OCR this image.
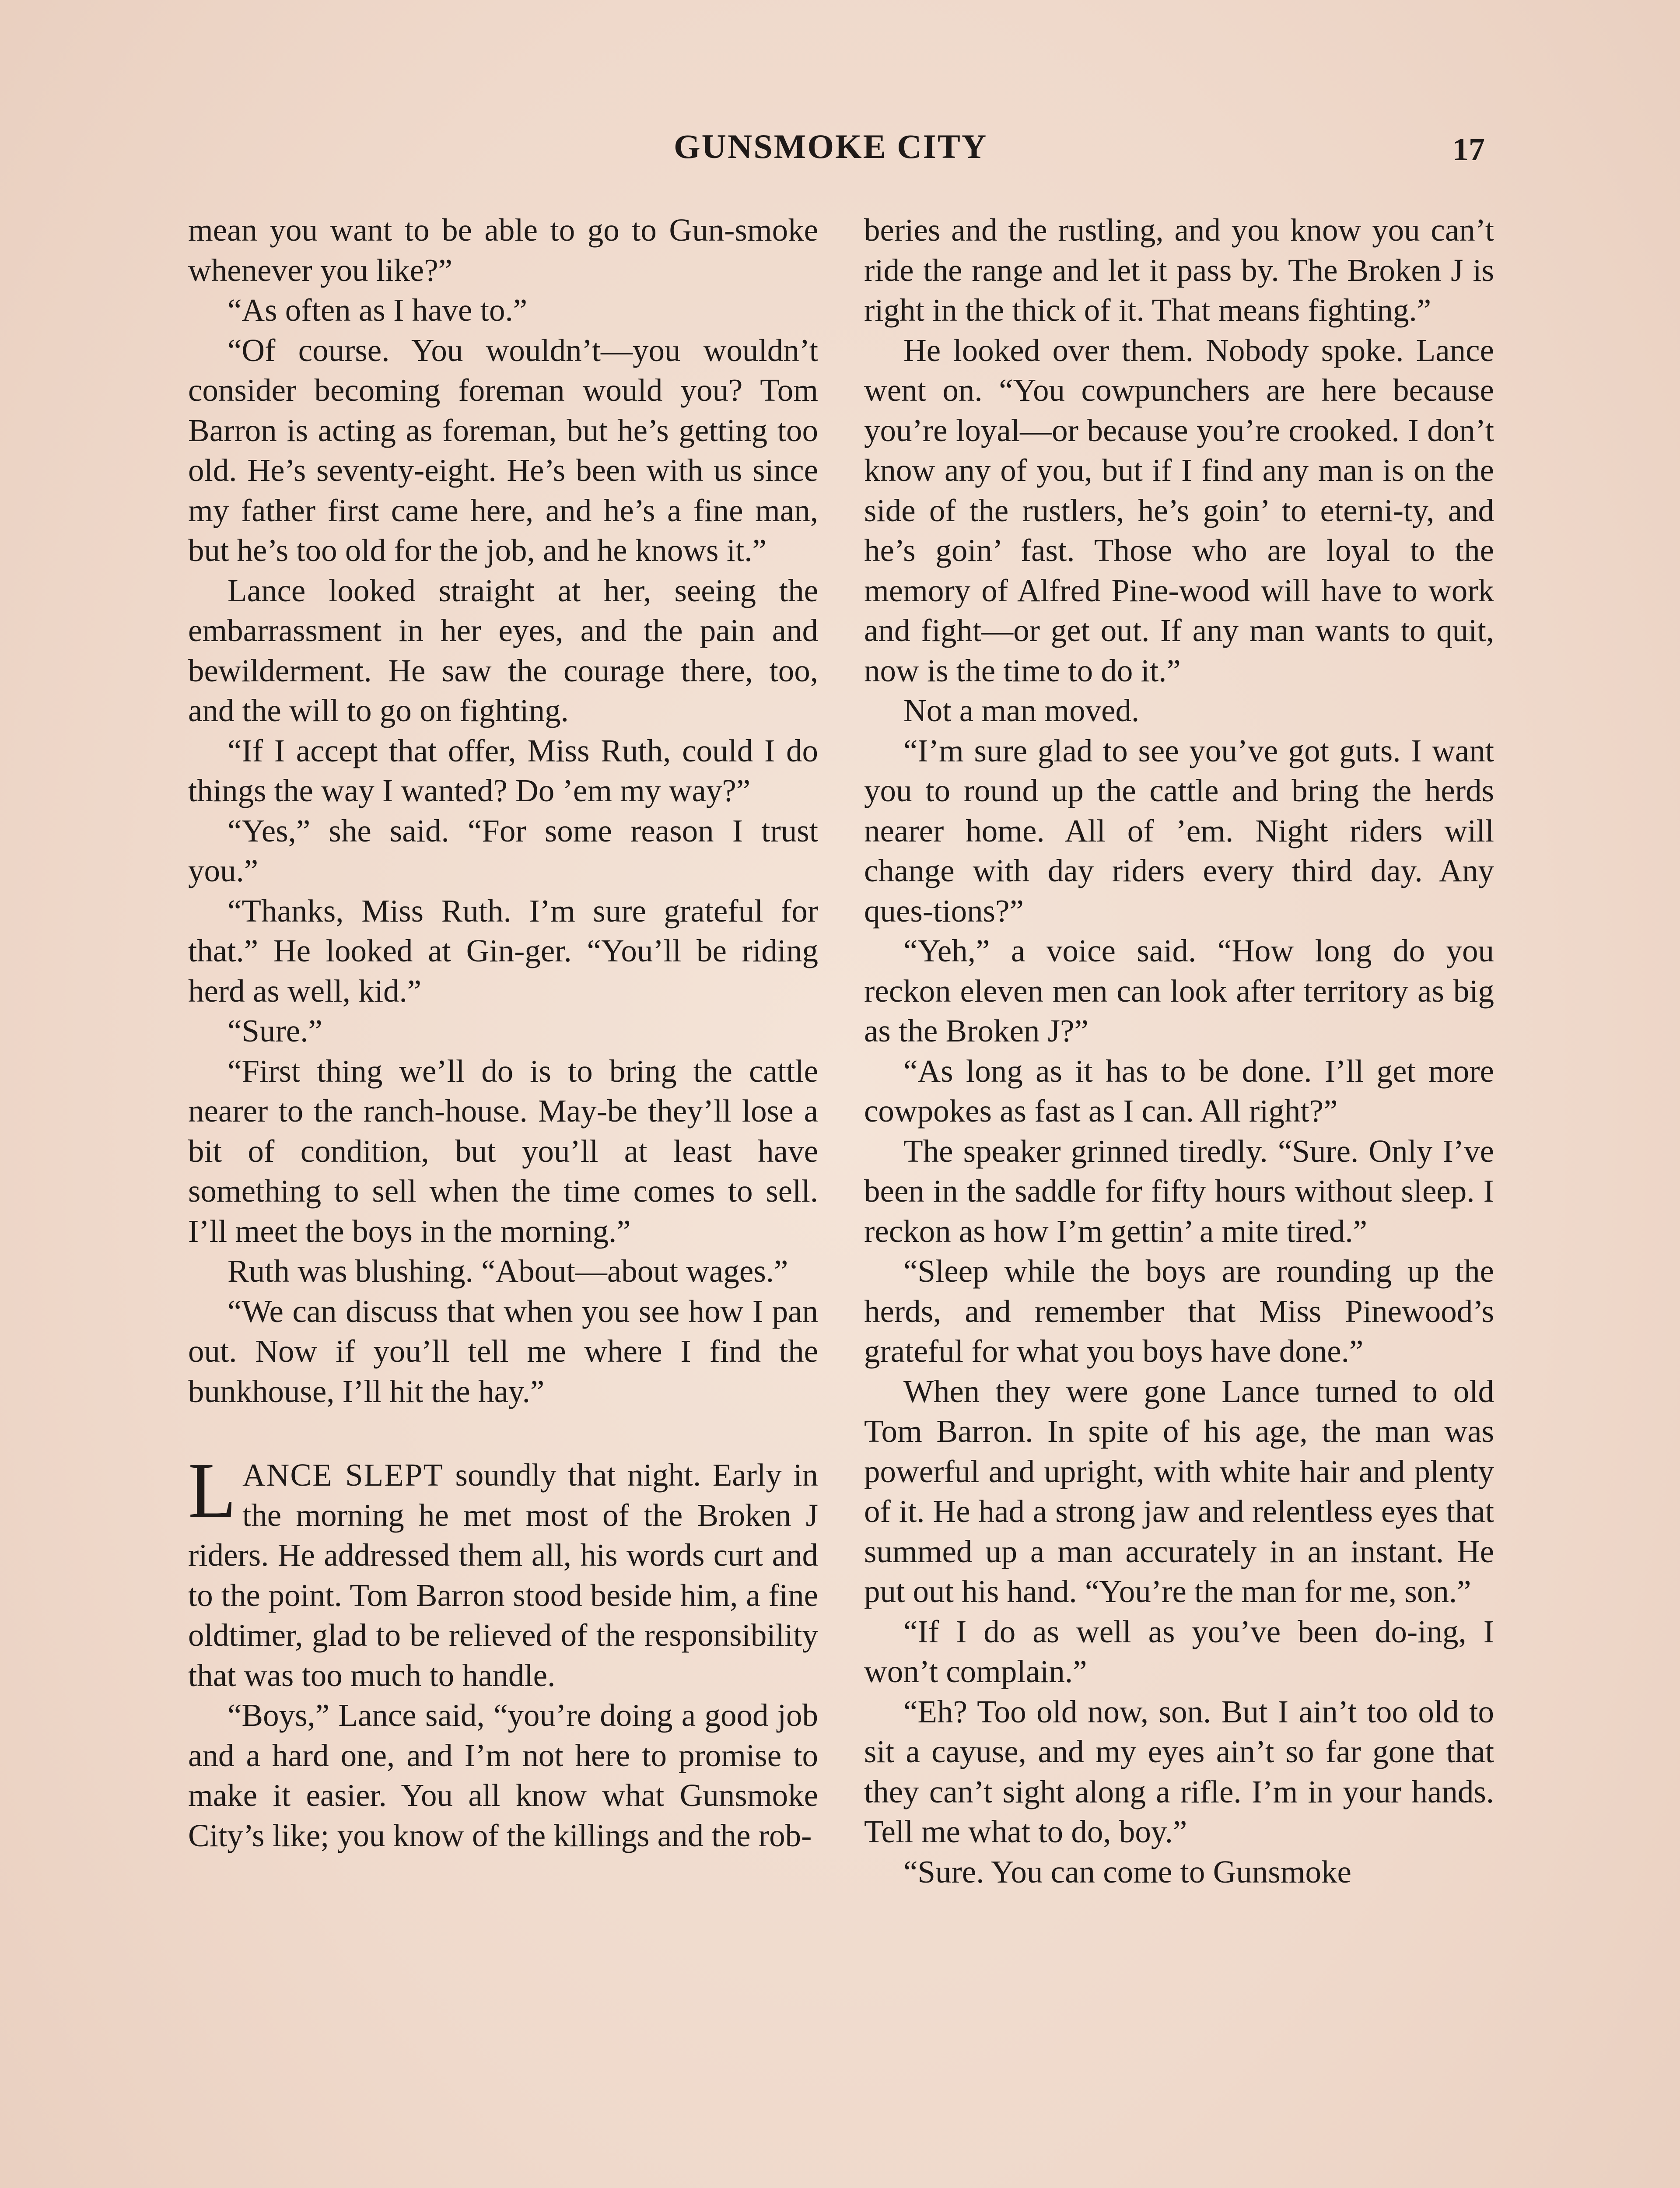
GUNSMOKE CITY	17

mean you want to be able to go to Gun-smoke whenever you like?”

“As often as I have to.”

“Of course. You wouldn’t—you wouldn’t consider becoming foreman would you? Tom Barron is acting as foreman, but he’s getting too old. He’s seventy-eight. He’s been with us since my father first came here, and he’s a fine man, but he’s too old for the job, and he knows it.”

Lance looked straight at her, seeing the embarrassment in her eyes, and the pain and bewilderment. He saw the courage there, too, and the will to go on fighting.

“If I accept that offer, Miss Ruth, could I do things the way I wanted? Do ’em my way?”

“Yes,” she said. “For some reason I trust you.”

“Thanks, Miss Ruth. I’m sure grateful for that.” He looked at Gin-ger. “You’ll be riding herd as well, kid.”

“Sure.”

“First thing we’ll do is to bring the cattle nearer to the ranch-house. May-be they’ll lose a bit of condition, but you’ll at least have something to sell when the time comes to sell. I’ll meet the boys in the morning.”

Ruth was blushing. “About—about wages.”

“We can discuss that when you see how I pan out. Now if you’ll tell me where I find the bunkhouse, I’ll hit the hay.”

LANCE SLEPT soundly that night. Early in the morning he met most of the Broken J riders. He addressed them all, his words curt and to the point. Tom Barron stood beside him, a fine oldtimer, glad to be relieved of the responsibility that was too much to handle.

“Boys,” Lance said, “you’re doing a good job and a hard one, and I’m not here to promise to make it easier. You all know what Gunsmoke City’s like; you know of the killings and the rob-

beries and the rustling, and you know you can’t ride the range and let it pass by. The Broken J is right in the thick of it. That means fighting.”

He looked over them. Nobody spoke. Lance went on. “You cowpunchers are here because you’re loyal—or because you’re crooked. I don’t know any of you, but if I find any man is on the side of the rustlers, he’s goin’ to eterni-ty, and he’s goin’ fast. Those who are loyal to the memory of Alfred Pine-wood will have to work and fight—or get out. If any man wants to quit, now is the time to do it.”

Not a man moved.

“I’m sure glad to see you’ve got guts. I want you to round up the cattle and bring the herds nearer home. All of ’em. Night riders will change with day riders every third day. Any ques-tions?”

“Yeh,” a voice said. “How long do you reckon eleven men can look after territory as big as the Broken J?”

“As long as it has to be done. I’ll get more cowpokes as fast as I can. All right?”

The speaker grinned tiredly. “Sure. Only I’ve been in the saddle for fifty hours without sleep. I reckon as how I’m gettin’ a mite tired.”

“Sleep while the boys are rounding up the herds, and remember that Miss Pinewood’s grateful for what you boys have done.”

When they were gone Lance turned to old Tom Barron. In spite of his age, the man was powerful and upright, with white hair and plenty of it. He had a strong jaw and relentless eyes that summed up a man accurately in an instant. He put out his hand. “You’re the man for me, son.”

“If I do as well as you’ve been do-ing, I won’t complain.”

“Eh? Too old now, son. But I ain’t too old to sit a cayuse, and my eyes ain’t so far gone that they can’t sight along a rifle. I’m in your hands. Tell me what to do, boy.”

“Sure. You can come to Gunsmoke
